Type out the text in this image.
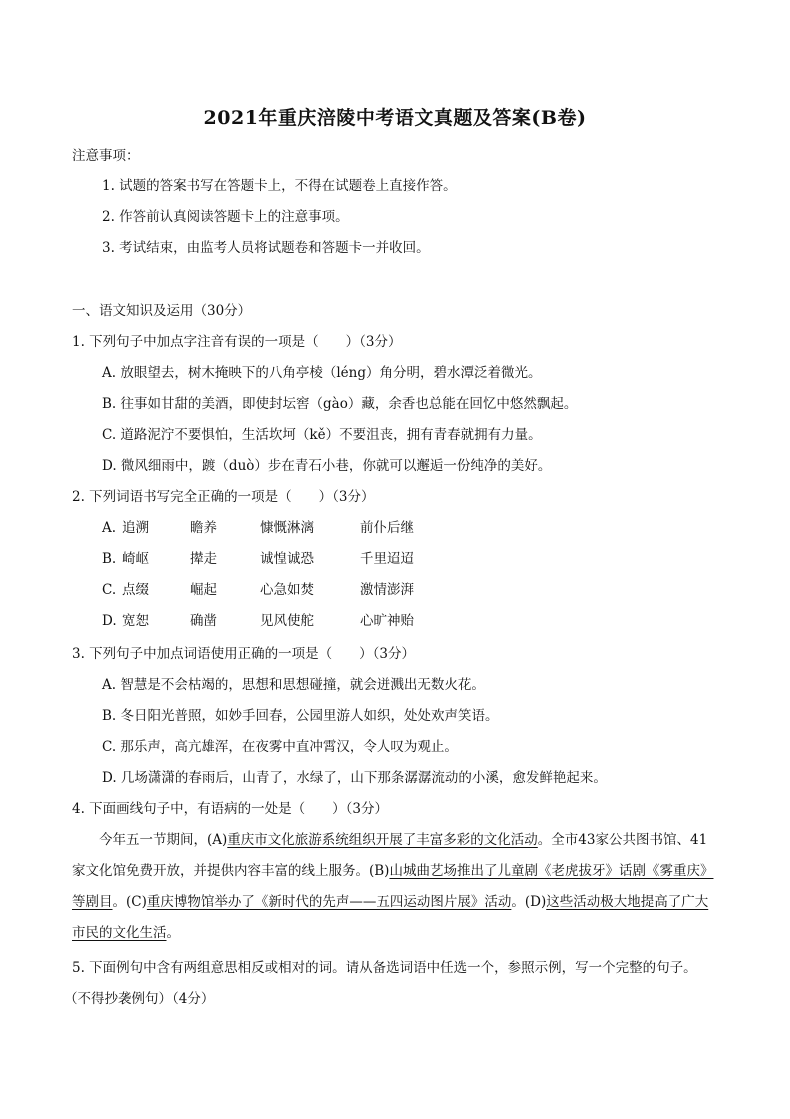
2021年重庆涪陵中考语文真题及答案(B卷)
注意事项：
1. 试题的答案书写在答题卡上，不得在试题卷上直接作答。
2. 作答前认真阅读答题卡上的注意事项。
3. 考试结束，由监考人员将试题卷和答题卡一并收回。
一、语文知识及运用（30分）
1. 下列句子中加点字注音有误的一项是（　　）（3分）
A. 放眼望去，树木掩映下的八角亭棱（léng）角分明，碧水潭泛着微光。
B. 往事如甘甜的美酒，即使封坛窖（gào）藏，余香也总能在回忆中悠然飘起。
C. 道路泥泞不要惧怕，生活坎坷（kě）不要沮丧，拥有青春就拥有力量。
D. 微风细雨中，踱（duò）步在青石小巷，你就可以邂逅一份纯净的美好。
2. 下列词语书写完全正确的一项是（　　）（3分）
A. 追溯	瞻养	慷慨淋漓	前仆后继
B. 崎岖	撵走	诚惶诚恐	千里迢迢
C. 点缀	崛起	心急如焚	激情澎湃
D. 宽恕	确凿	见风使舵	心旷神贻
3. 下列句子中加点词语使用正确的一项是（　　）（3分）
A. 智慧是不会枯竭的，思想和思想碰撞，就会迸溅出无数火花。
B. 冬日阳光普照，如妙手回春，公园里游人如织，处处欢声笑语。
C. 那乐声，高亢雄浑，在夜雾中直冲霄汉，令人叹为观止。
D. 几场潇潇的春雨后，山青了，水绿了，山下那条潺潺流动的小溪，愈发鲜艳起来。
4. 下面画线句子中，有语病的一处是（　　）（3分）
今年五一节期间，(A)重庆市文化旅游系统组织开展了丰富多彩的文化活动。全市43家公共图书馆、41家文化馆免费开放，并提供内容丰富的线上服务。(B)山城曲艺场推出了儿童剧《老虎拔牙》话剧《雾重庆》等剧目。(C)重庆博物馆举办了《新时代的先声——五四运动图片展》活动。(D)这些活动极大地提高了广大市民的文化生活。
5. 下面例句中含有两组意思相反或相对的词。请从备选词语中任选一个，参照示例，写一个完整的句子。
（不得抄袭例句）（4分）
